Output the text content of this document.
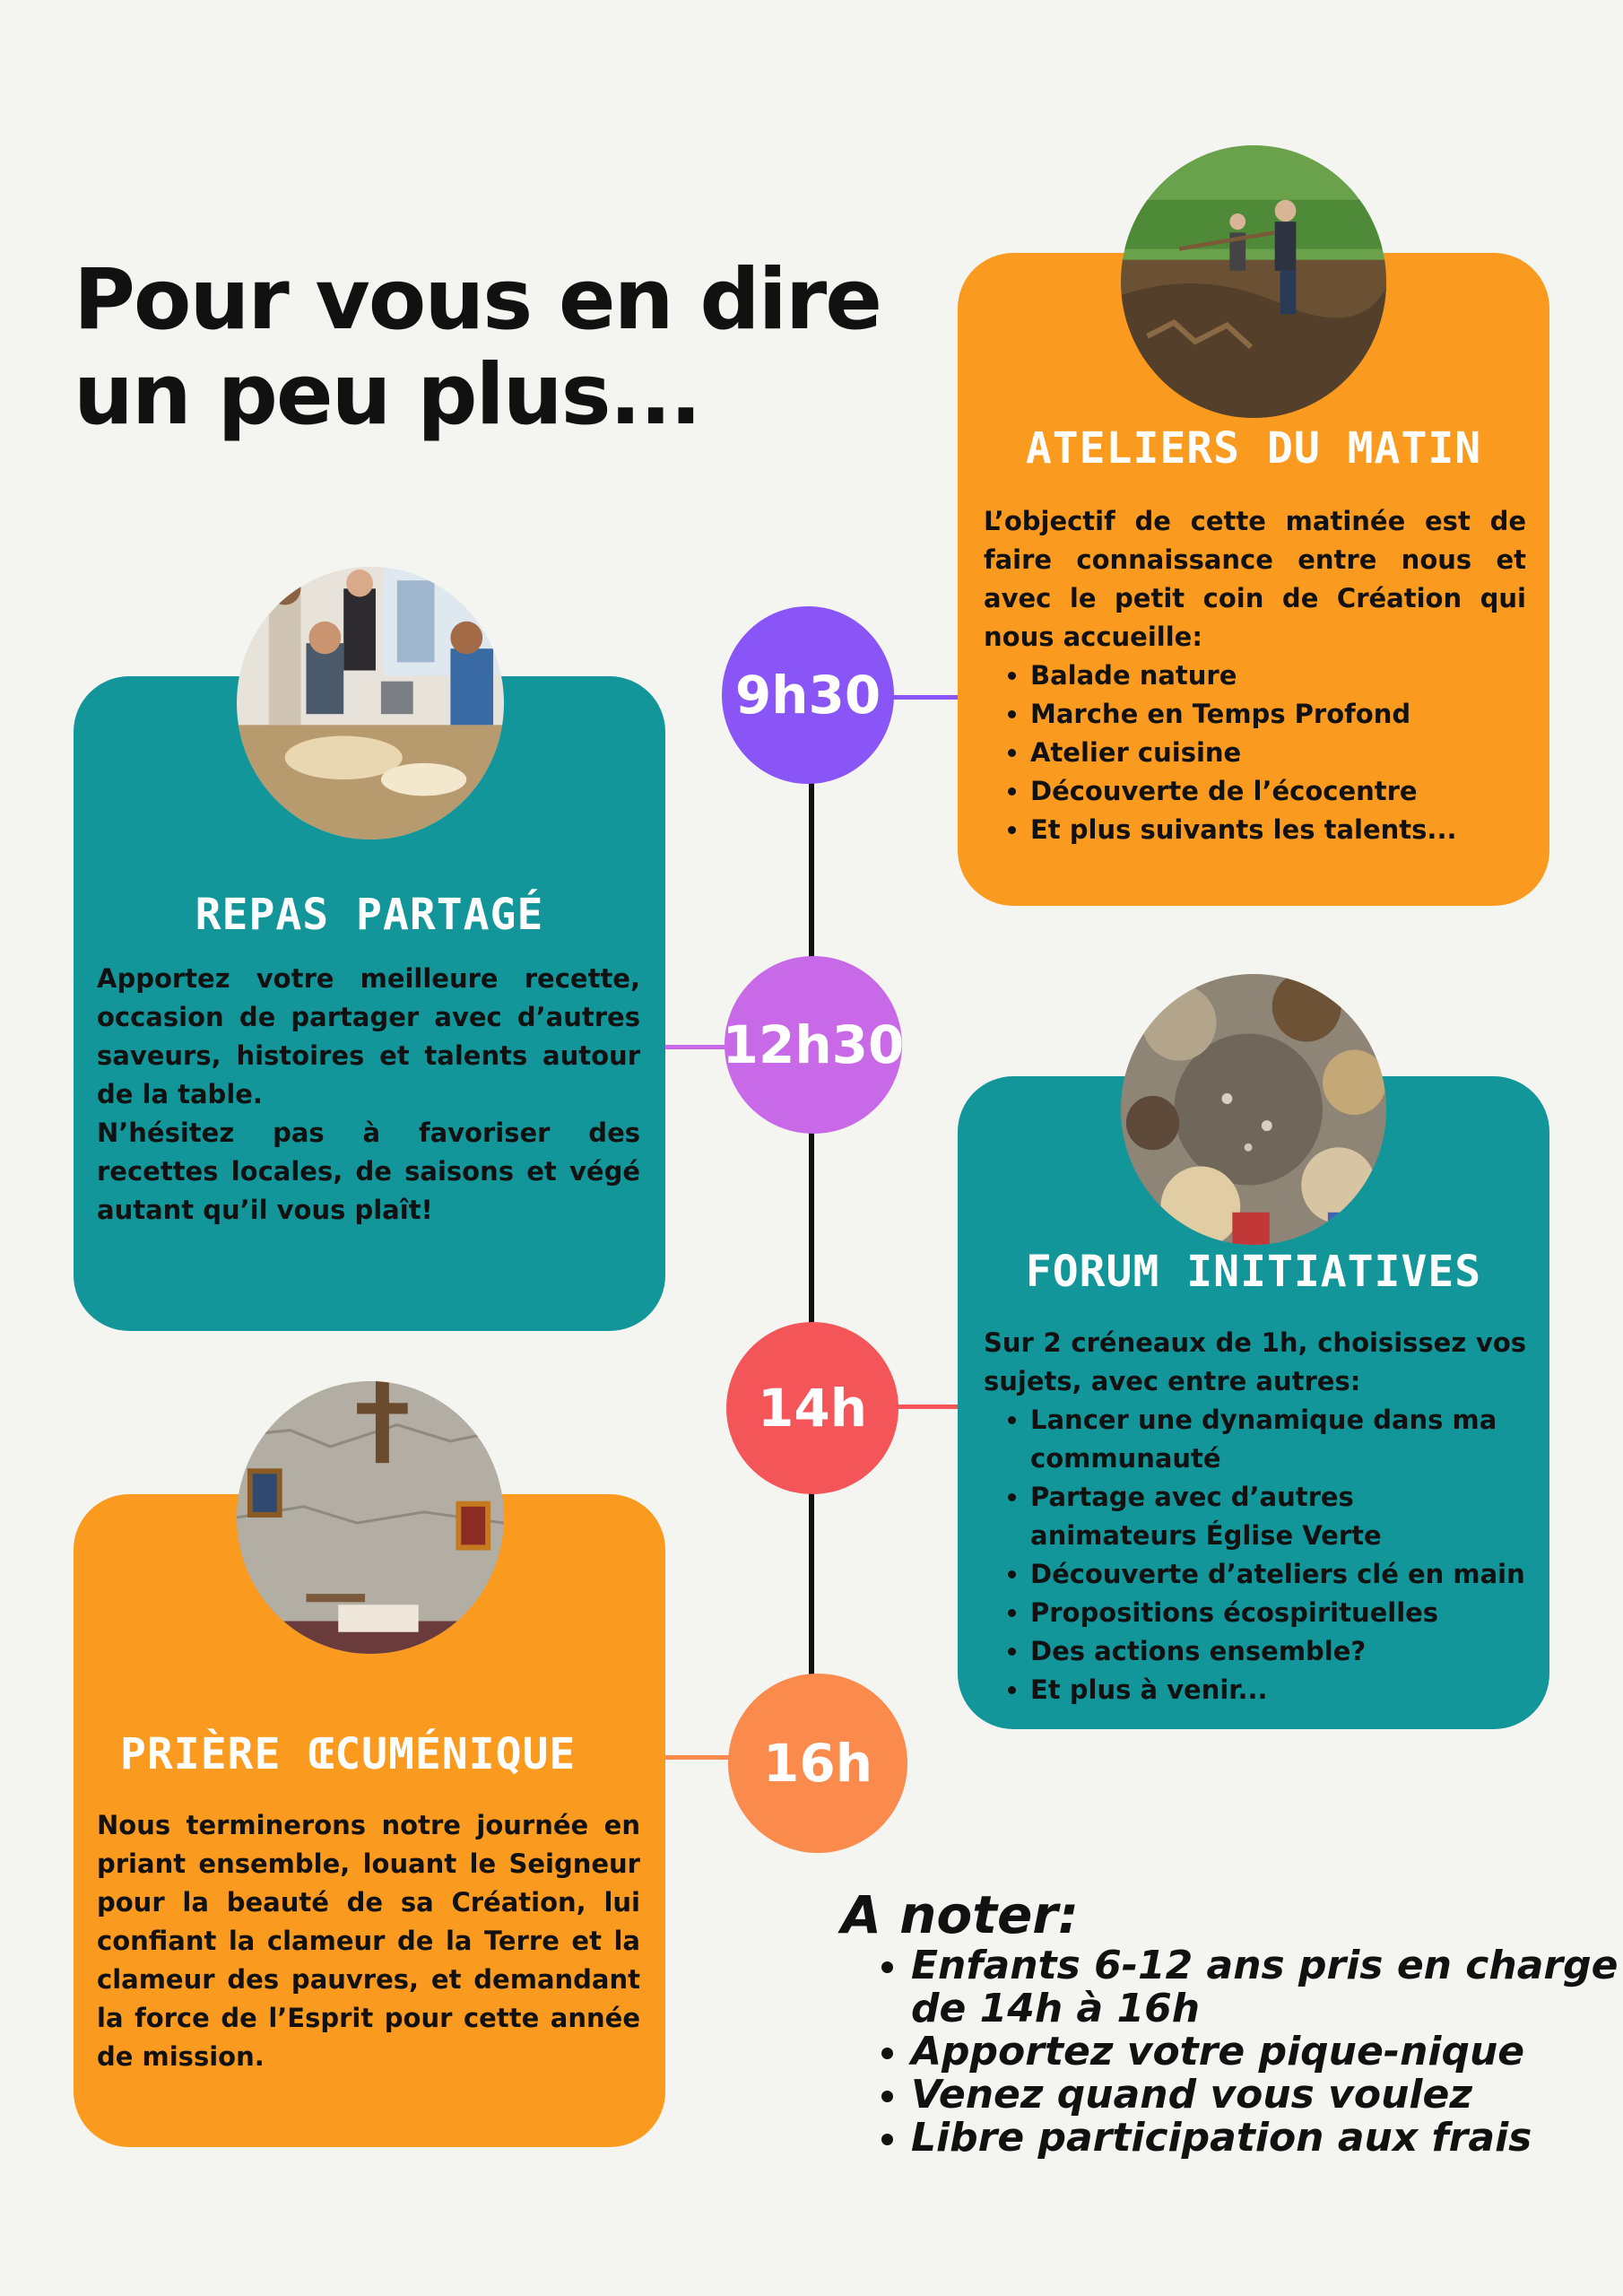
Pour vous en dire
un peu plus...
9h30
12h30
14h
16h
ATELIERS DU MATIN

L’objectif de cette matinée est de faire connaissance entre nous et avec le petit coin de Création qui nous accueille:

• Balade nature
• Marche en Temps Profond
• Atelier cuisine
• Découverte de l’écocentre
• Et plus suivants les talents...
REPAS PARTAGÉ

Apportez votre meilleure recette, occasion de partager avec d’autres saveurs, histoires et talents autour de la table.

N’hésitez pas à favoriser des recettes locales, de saisons et végé autant qu’il vous plaît!

FORUM INITIATIVES

Sur 2 créneaux de 1h, choisissez vos sujets, avec entre autres:

• Lancer une dynamique dans ma communauté
• Partage avec d’autres animateurs Église Verte
• Découverte d’ateliers clé en main
• Propositions écospirituelles
• Des actions ensemble?
• Et plus à venir...
PRIÈRE ŒCUMÉNIQUE

Nous terminerons notre journée en priant ensemble, louant le Seigneur pour la beauté de sa Création, lui confiant la clameur de la Terre et la clameur des pauvres, et demandant la force de l’Esprit pour cette année de mission.

A noter:
• Enfants 6-12 ans pris en charge de 14h à 16h
• Apportez votre pique-nique
• Venez quand vous voulez
• Libre participation aux frais
